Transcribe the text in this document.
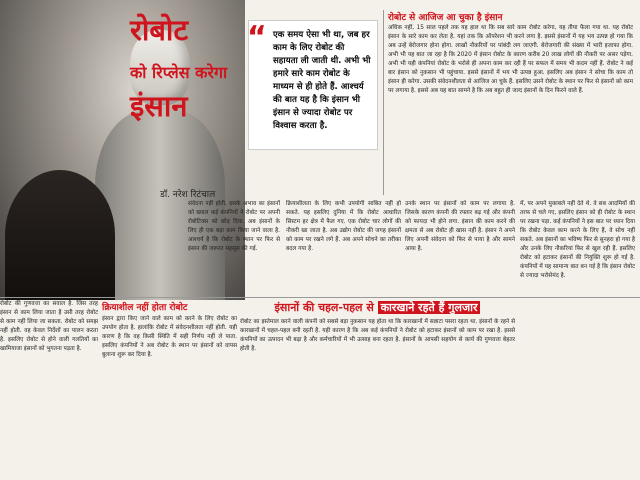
रोबोट
को रिप्लेस करेगा
इंसान
डॉ. नरेश रिटंचाल
“ एक समय ऐसा भी था, जब हर काम के लिए रोबोट की सहायता ली जाती थी. अभी भी हमारे सारे काम रोबोट के माध्यम से ही होते हैं. आश्चर्य की बात यह है कि इंसान भी इंसान से ज्यादा रोबोट पर विश्वास करता है.
रोबोट से आजिज आ चुका है इंसान
अधिक नहीं, 15 साल पहले तक यह हाल था कि सब सारे काम रोबोट करेगा, यह तीया फैला गया था. यह रोबोट इंसान के सारे काम कर लेता है. यहां तक कि ऑपरेशन भी करने लगा है. इससे इंसानों में यह भय उत्पन्न हो गया कि अब उन्हें बेरोजगार होना होगा. लाखों नौकरियों पर पांबंदी लग जाएगी. बेरोजगारी की संख्या में भारी इजाफा होगा. अभी भी यह बात जा रहा है कि 2020 में इंसान रोबोट के कारण करीब 20 लाख लोगों की नौकरी पर असर पड़ेगा. अभी भी यही कंपनियां रोबोट के भरोसे ही अपना काम कर रही हैं पर सफल में समय भी कदम नहीं हैं. रोबोट ने कई बार इंसान को नुकसान भी पहुंचाया. इससे इंसानों में भय भी उत्पन्न हुआ. इसलिए अब इंसान ने सोचा कि काम तो इंसान ही करेगा. उसकी संवेदनशीलता से आजिज आ चुके हैं. इसलिए उसने रोबोट के स्थान पर फिर से इंसानों को काम पर लगाया है. इससे अब यह बात सामने है कि अब बहुत ही जल्द इंसानों के दिन फिरने वाले हैं.
संवेदना नहीं होती, इसके अभाव का इंसानों को ख्याल कई कंपनियों ने रोबोट पर अपनी रोबोटिक्स को छोड़ दिया. अब इंसानों के लिए ही एक बड़ा काम किया जाने वाला है. आश्चर्य है कि रोबोट के स्थान पर फिर से इंसान की जरूरत महसूस की गई.
क्रियाशीलता के लिए कभी उपयोगी साबित नहीं हो सकते. यह इसलिए दुनिया में कि रोबोट आधारित सिस्टम हर क्षेत्र में फैल गए. एक रोबोट चार लोगों की नौकरी खा जाता है. अब उद्योग रोबोट की जगह इंसानों को काम पर रखने लगे हैं. अब अपने सोचने का तरीका बदल गया है.
उनके स्थान पर इंसानों को काम पर लगाया है. जिसके कारण कंपनी की रफ्तार बढ़ गई और कंपनी को फायदा भी होने लगा. इंसान की काम करने की क्षमता से अब रोबोट ही खास नहीं है. इंसान ने अपने लिए अपनी संवेदना को फिर से पाया है और सामने आया है.
में, पर अपने मुकाबले नहीं देते थे. वे सब आदमियों की तरफ से चले गए, इसलिए इंसान को ही रोबोट के स्थान पर रखना पड़ा. कई कंपनियों ने इस बात पर ध्यान दिया कि रोबोट केवल काम करने के लिए हैं, वे सोच नहीं सकते. अब इंसानों का भविष्य फिर से सुनहरा हो गया है और उनके लिए नौकरियां फिर से खुल रही हैं. इसलिए रोबोट को हटाकर इंसानों की नियुक्ति शुरू हो गई है. कंपनियों में यह सामान्य बात बन गई है कि इंसान रोबोट से ज्यादा भरोसेमंद है.
रोबोट की गुणवत्ता का सवाल है. जिस तरह इंसान से काम लिया जाता है उसी तरह रोबोट से काम नहीं लिया जा सकता. रोबोट को समझ नहीं होती. वह केवल निर्देशों का पालन करता है. इसलिए रोबोट से होने वाली गलतियों का खामियाजा इंसानों को भुगतना पड़ता है.
क्रियाशील नहीं होता रोबोट
इंसान द्वारा किए जाने वाले काम को करने के लिए रोबोट का उपयोग होता है. हालांकि रोबोट में संवेदनशीलता नहीं होती. यही कारण है कि वह किसी स्थिति में सही निर्णय नहीं ले पाता. इसलिए कंपनियों ने अब रोबोट के स्थान पर इंसानों को वापस बुलाना शुरू कर दिया है.
इंसानों की चहल-पहल से कारखाने रहते हैं गुलजार
रोबोट का इस्तेमाल करने वाली कंपनी को सबसे बड़ा नुकसान यह होता था कि कारखानों में सन्नाटा पसरा रहता था. इंसानों के रहने से कारखानों में चहल-पहल बनी रहती है. यही कारण है कि अब कई कंपनियों ने रोबोट को हटाकर इंसानों को काम पर रखा है. इससे कंपनियों का उत्पादन भी बढ़ा है और कर्मचारियों में भी उत्साह बना रहता है. इंसानों के आपसी सहयोग से कार्य की गुणवत्ता बेहतर होती है.
